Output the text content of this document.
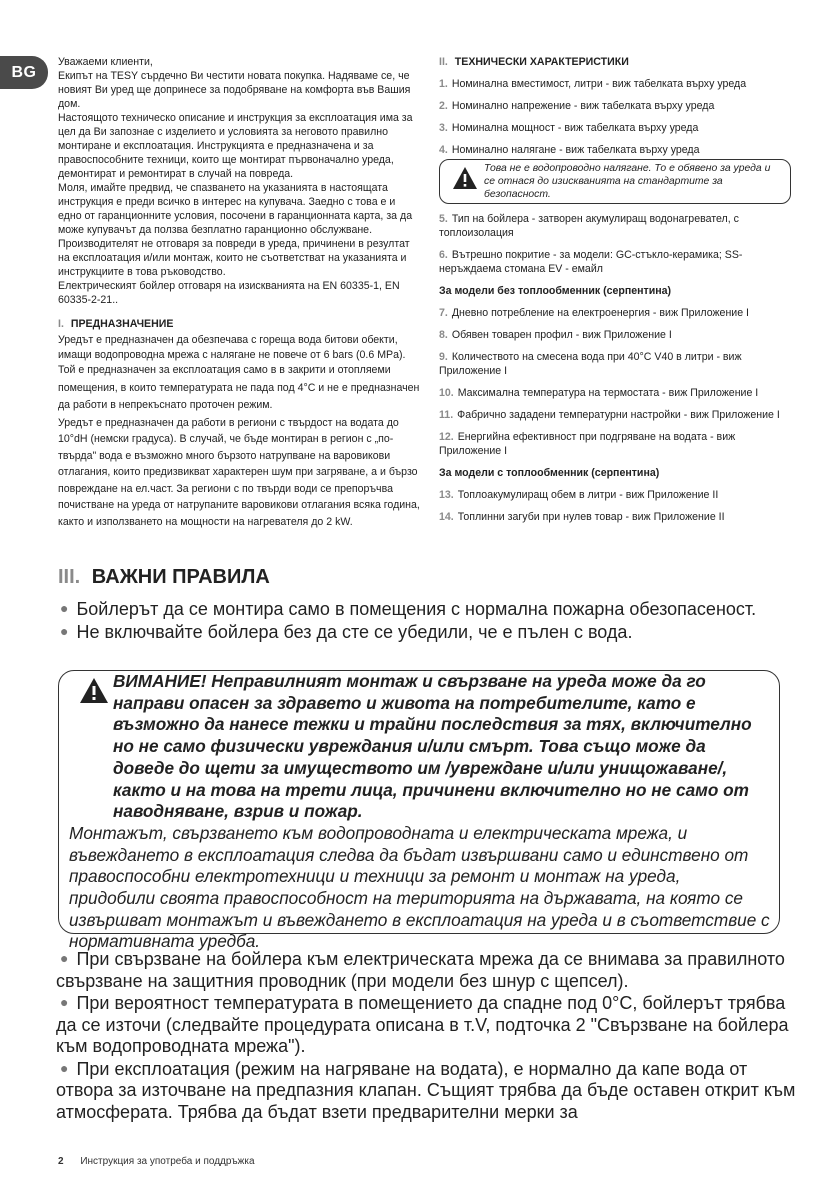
BG

Уважаеми клиенти,

Екипът на TESY сърдечно Ви честити новата покупка. Надяваме се, че новият Ви уред ще допринесе за подобряване на комфорта във Вашия дом.

Настоящото техническо описание и инструкция за експлоатация има за цел да Ви запознае с изделието и условията за неговото правилно монтиране и експлоатация. Инструкцията е предназначена и за правоспособните техници, които ще монтират първоначално уреда, демонтират и ремонтират в случай на повреда.

Моля, имайте предвид, че спазването на указанията в настоящата инструкция е преди всичко в интерес на купувача. Заедно с това е и едно от гаранционните условия, посочени в гаранционната карта, за да може купувачът да ползва безплатно гаранционно обслужване.

Производителят не отговаря за повреди в уреда, причинени в резултат на експлоатация и/или монтаж, които не съответстват на указанията и инструкциите в това ръководство.

Електрическият бойлер отговаря на изискванията на EN 60335-1, EN 60335-2-21..

I. ПРЕДНАЗНАЧЕНИЕ

Уредът е предназначен да обезпечава с гореща вода битови обекти, имащи водопроводна мрежа с налягане не повече от 6 bars (0.6 MPa).

Той е предназначен за експлоатация само в в закрити и отопляеми помещения, в които температурата не пада под 4°C и не е предназначен да работи в непрекъснато проточен режим.

Уредът е предназначен да работи в региони с твърдост на водата до 10°dH (немски градуса). В случай, че бъде монтиран в регион с „по-твърда" вода е възможно много бързото натрупване на варовикови отлагания, които предизвикват характерен шум при загряване, а и бързо повреждане на ел.част. За региони с по твърди води се препоръчва почистване на уреда от натрупаните варовикови отлагания всяка година, както и използването на мощности на нагревателя до 2 kW.

II. ТЕХНИЧЕСКИ ХАРАКТЕРИСТИКИ

1. Номинална вместимост, литри - виж табелката върху уреда

2. Номинално напрежение - виж табелката върху уреда

3. Номинална мощност - виж табелката върху уреда

4. Номинално налягане - виж табелката върху уреда

Това не е водопроводно налягане. То е обявено за уреда и се отнася до изискванията на стандартите за безопасност.

5. Тип на бойлера - затворен акумулиращ водонагревател, с топлоизолация

6. Вътрешно покритие - за модели: GC-стъкло-керамика; SS-неръждаема стомана EV - емайл

За модели без топлообменник (серпентина)

7. Дневно потребление на електроенергия - виж Приложение I

8. Обявен товарен профил - виж Приложение I

9. Количеството на смесена вода при 40°C V40 в литри - виж Приложение I

10. Максимална температура на термостата - виж Приложение I

11. Фабрично зададени температурни настройки - виж Приложение I

12. Енергийна ефективност при подгряване на водата - виж Приложение I

За модели с топлообменник (серпентина)

13. Топлоакумулиращ обем в литри - виж Приложение II

14. Топлинни загуби при нулев товар - виж Приложение II

III. ВАЖНИ ПРАВИЛА

● Бойлерът да се монтира само в помещения с нормална пожарна обезопасеност.

● Не включвайте бойлера без да сте се убедили, че е пълен с вода.

ВИМАНИЕ! Неправилният монтаж и свързване на уреда може да го направи опасен за здравето и живота на потребителите, като е възможно да нанесе тежки и трайни последствия за тях, включително но не само физически увреждания и/или смърт. Това също може да доведе до щети за имуществото им /увреждане и/или унищожаване/, както и на това на трети лица, причинени включително но не само от наводняване, взрив и пожар.
Монтажът, свързването към водопроводната и електрическата мрежа, и въвеждането в експлоатация следва да бъдат извършвани само и единствено от правоспособни електротехници и техници за ремонт и монтаж на уреда, придобили своята правоспособност на територията на държавата, на която се извършват монтажът и въвеждането в експлоатация на уреда и в съответствие с нормативната уредба.

● При свързване на бойлера към електрическата мрежа да се внимава за правилното свързване на защитния проводник (при модели без шнур с щепсел).

● При вероятност температурата в помещението да спадне под 0°C, бойлерът трябва да се източи (следвайте процедурата описана в т.V, подточка 2 "Свързване на бойлера към водопроводната мрежа").

● При експлоатация (режим на нагряване на водата), е нормално да капе вода от отвора за източване на предпазния клапан. Същият трябва да бъде оставен открит към атмосферата. Трябва да бъдат взети предварителни мерки за

2 Инструкция за употреба и поддръжка
